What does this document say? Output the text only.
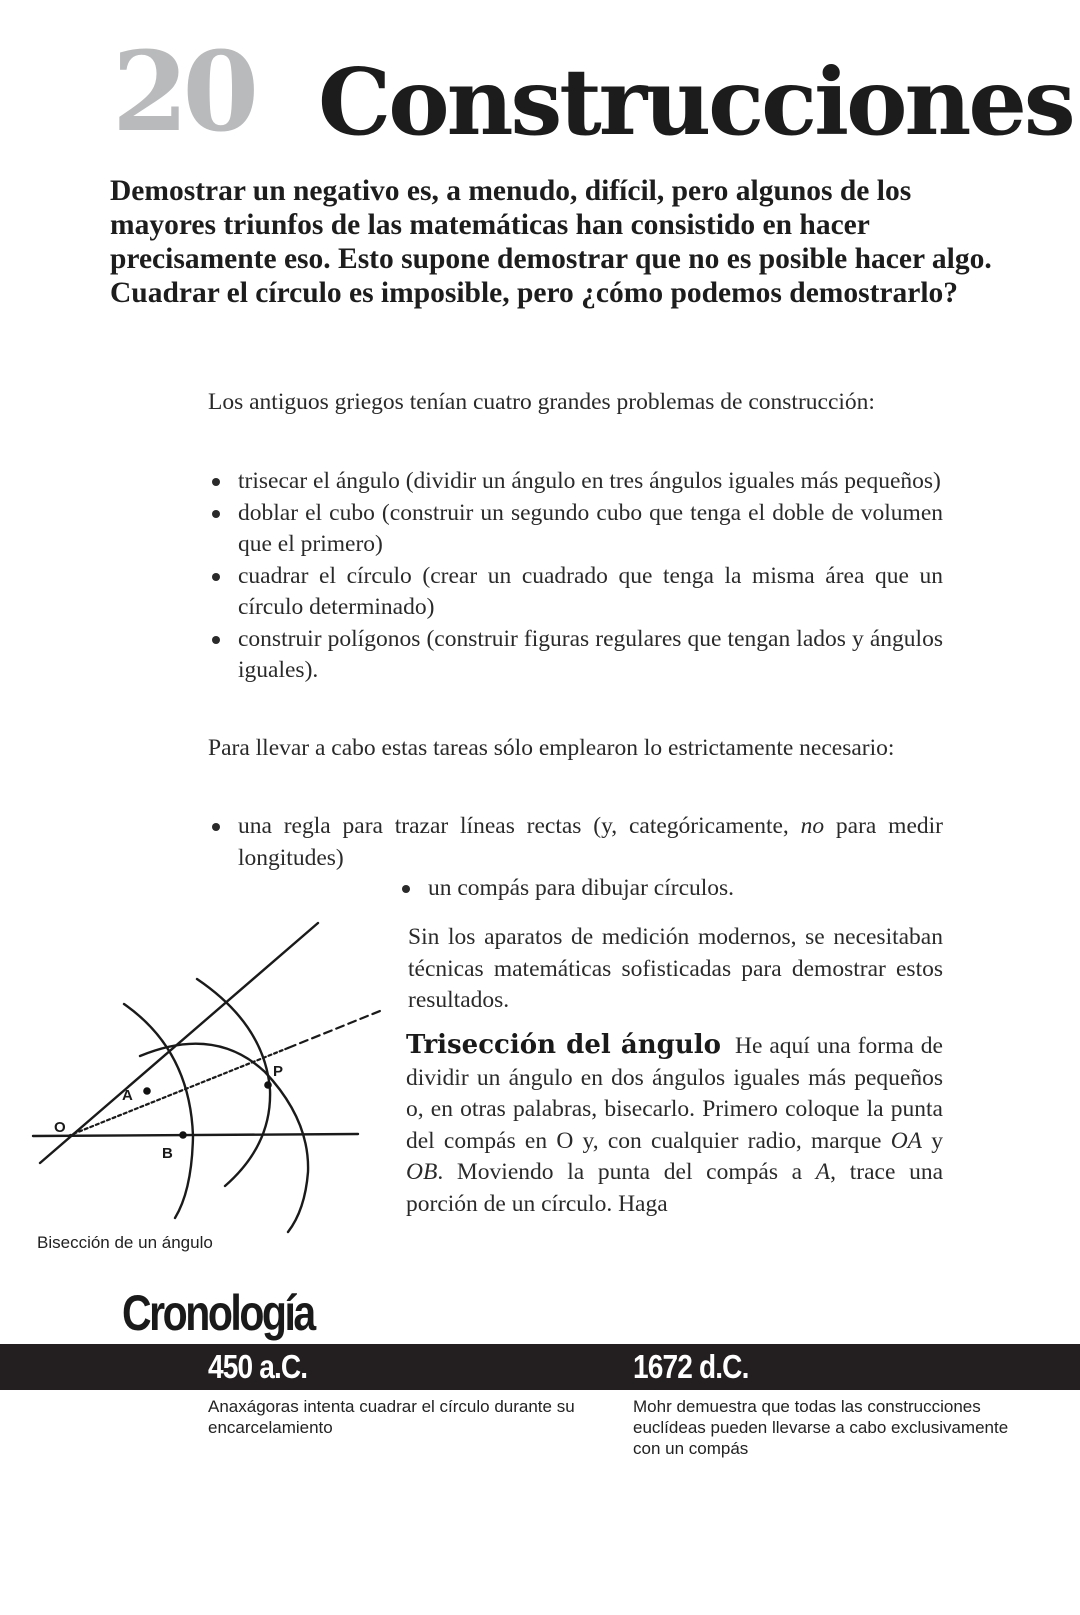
20 Construcciones
Demostrar un negativo es, a menudo, difícil, pero algunos de los mayores triunfos de las matemáticas han consistido en hacer precisamente eso. Esto supone demostrar que no es posible hacer algo. Cuadrar el círculo es imposible, pero ¿cómo podemos demostrarlo?
Los antiguos griegos tenían cuatro grandes problemas de construcción:
trisecar el ángulo (dividir un ángulo en tres ángulos iguales más pequeños)
doblar el cubo (construir un segundo cubo que tenga el doble de volumen que el primero)
cuadrar el círculo (crear un cuadrado que tenga la misma área que un círculo determinado)
construir polígonos (construir figuras regulares que tengan lados y ángulos iguales).
Para llevar a cabo estas tareas sólo emplearon lo estrictamente necesario:
una regla para trazar líneas rectas (y, categóricamente, no para medir longitudes)
un compás para dibujar círculos.
Sin los aparatos de medición modernos, se necesitaban técnicas matemáticas sofisticadas para demostrar estos resultados.
Trisección del ángulo He aquí una forma de dividir un ángulo en dos ángulos iguales más pequeños o, en otras palabras, bisecarlo. Primero coloque la punta del compás en O y, con cualquier radio, marque OA y OB. Moviendo la punta del compás a A, trace una porción de un círculo. Haga
O
A
B
P
Bisección de un ángulo
Cronología
450 a.C.	1672 d.C.
Anaxágoras intenta cuadrar el círculo durante su encarcelamiento
Mohr demuestra que todas las construcciones euclídeas pueden llevarse a cabo exclusivamente con un compás
